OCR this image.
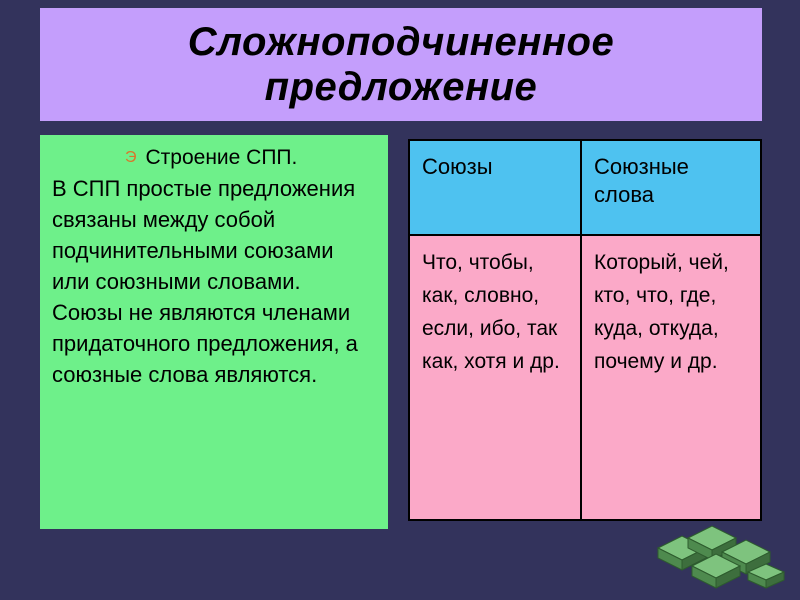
Сложноподчиненное предложение
Э Строение СПП.
В СПП простые предложения связаны между собой подчинительными союзами или союзными словами. Союзы не являются членами придаточного предложения, а союзные слова являются.
Союзы	Союзные слова
Что, чтобы, как, словно, если, ибо, так как, хотя и др.
Который, чей, кто, что, где, куда, откуда, почему и др.
